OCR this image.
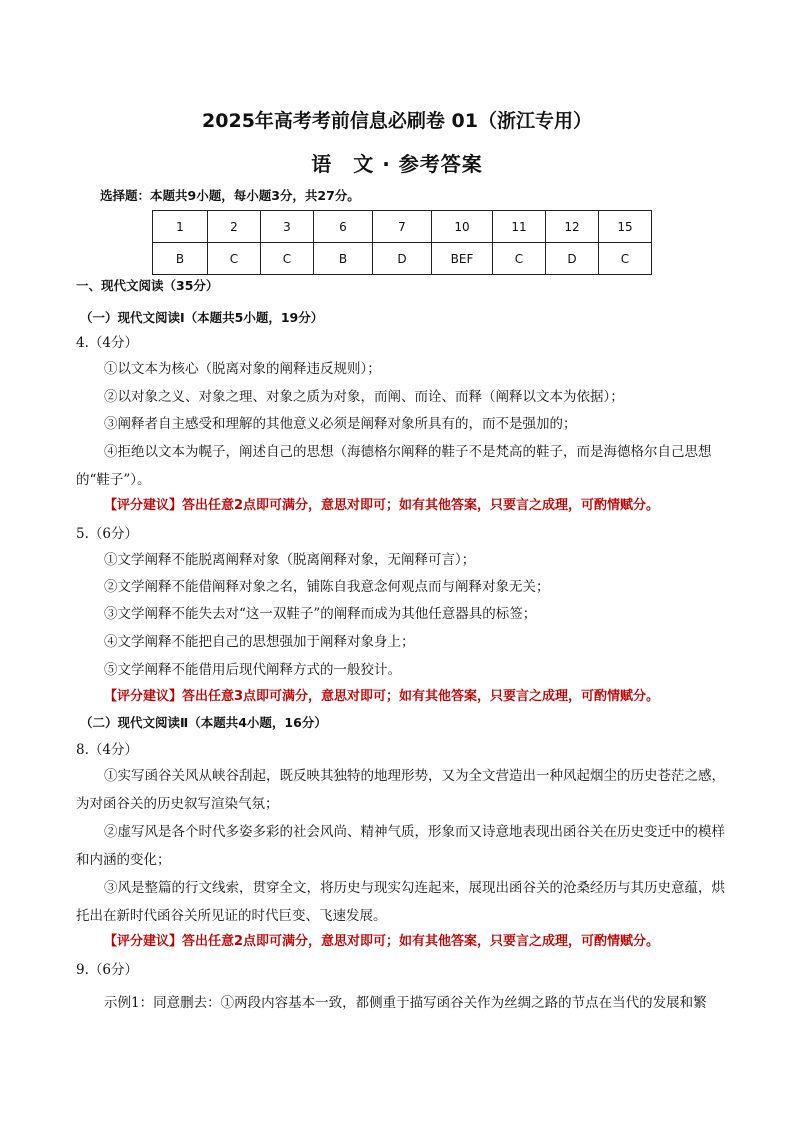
2025年高考考前信息必刷卷 01（浙江专用）
语　文 · 参考答案
选择题：本题共9小题，每小题3分，共27分。
1	2	3	6	7	10	11	12	15
B	C	C	B	D	BEF	C	D	C
一、现代文阅读（35分）
（一）现代文阅读Ⅰ（本题共5小题，19分）
4.（4分）
①以文本为核心（脱离对象的阐释违反规则）；
②以对象之义、对象之理、对象之质为对象，而阐、而诠、而释（阐释以文本为依据）；
③阐释者自主感受和理解的其他意义必须是阐释对象所具有的，而不是强加的；
④拒绝以文本为幌子，阐述自己的思想（海德格尔阐释的鞋子不是梵高的鞋子，而是海德格尔自己思想的“鞋子”）。
【评分建议】答出任意2点即可满分，意思对即可；如有其他答案，只要言之成理，可酌情赋分。
5.（6分）
①文学阐释不能脱离阐释对象（脱离阐释对象，无阐释可言）；
②文学阐释不能借阐释对象之名，铺陈自我意念何观点而与阐释对象无关；
③文学阐释不能失去对“这一双鞋子”的阐释而成为其他任意器具的标签；
④文学阐释不能把自己的思想强加于阐释对象身上；
⑤文学阐释不能借用后现代阐释方式的一般狡计。
【评分建议】答出任意3点即可满分，意思对即可；如有其他答案，只要言之成理，可酌情赋分。
（二）现代文阅读Ⅱ（本题共4小题，16分）
8.（4分）
①实写函谷关风从峡谷刮起，既反映其独特的地理形势，又为全文营造出一种风起烟尘的历史苍茫之感，为对函谷关的历史叙写渲染气氛；
②虚写风是各个时代多姿多彩的社会风尚、精神气质，形象而又诗意地表现出函谷关在历史变迁中的模样和内涵的变化；
③风是整篇的行文线索，贯穿全文，将历史与现实勾连起来，展现出函谷关的沧桑经历与其历史意蕴，烘托出在新时代函谷关所见证的时代巨变、飞速发展。
【评分建议】答出任意2点即可满分，意思对即可；如有其他答案，只要言之成理，可酌情赋分。
9.（6分）
示例1：同意删去：①两段内容基本一致，都侧重于描写函谷关作为丝绸之路的节点在当代的发展和繁
